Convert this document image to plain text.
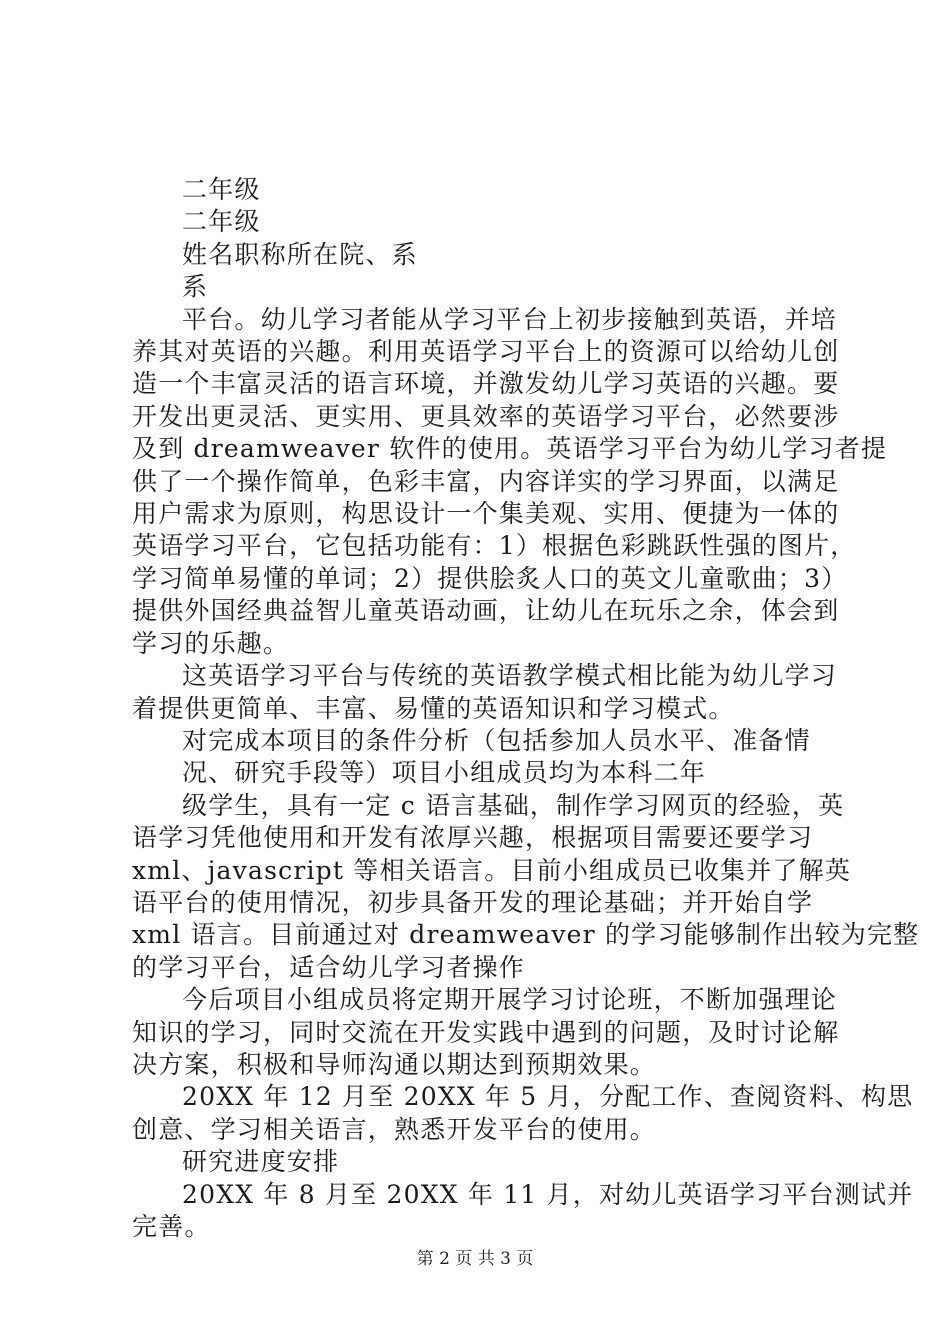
二年级
二年级
姓名职称所在院、系
系
平台。幼儿学习者能从学习平台上初步接触到英语，并培
养其对英语的兴趣。利用英语学习平台上的资源可以给幼儿创
造一个丰富灵活的语言环境，并激发幼儿学习英语的兴趣。要
开发出更灵活、更实用、更具效率的英语学习平台，必然要涉
及到 dreamweaver 软件的使用。英语学习平台为幼儿学习者提
供了一个操作简单，色彩丰富，内容详实的学习界面，以满足
用户需求为原则，构思设计一个集美观、实用、便捷为一体的
英语学习平台，它包括功能有：1）根据色彩跳跃性强的图片，
学习简单易懂的单词；2）提供脍炙人口的英文儿童歌曲；3）
提供外国经典益智儿童英语动画，让幼儿在玩乐之余，体会到
学习的乐趣。
这英语学习平台与传统的英语教学模式相比能为幼儿学习
着提供更简单、丰富、易懂的英语知识和学习模式。
对完成本项目的条件分析（包括参加人员水平、准备情
况、研究手段等）项目小组成员均为本科二年
级学生，具有一定 c 语言基础，制作学习网页的经验，英
语学习凭他使用和开发有浓厚兴趣，根据项目需要还要学习
xml、javascript 等相关语言。目前小组成员已收集并了解英
语平台的使用情况，初步具备开发的理论基础；并开始自学
xml 语言。目前通过对 dreamweaver 的学习能够制作出较为完整
的学习平台，适合幼儿学习者操作
今后项目小组成员将定期开展学习讨论班，不断加强理论
知识的学习，同时交流在开发实践中遇到的问题，及时讨论解
决方案，积极和导师沟通以期达到预期效果。
20XX 年 12 月至 20XX 年 5 月，分配工作、查阅资料、构思
创意、学习相关语言，熟悉开发平台的使用。
研究进度安排
20XX 年 8 月至 20XX 年 11 月，对幼儿英语学习平台测试并
完善。
第 2 页 共 3 页
